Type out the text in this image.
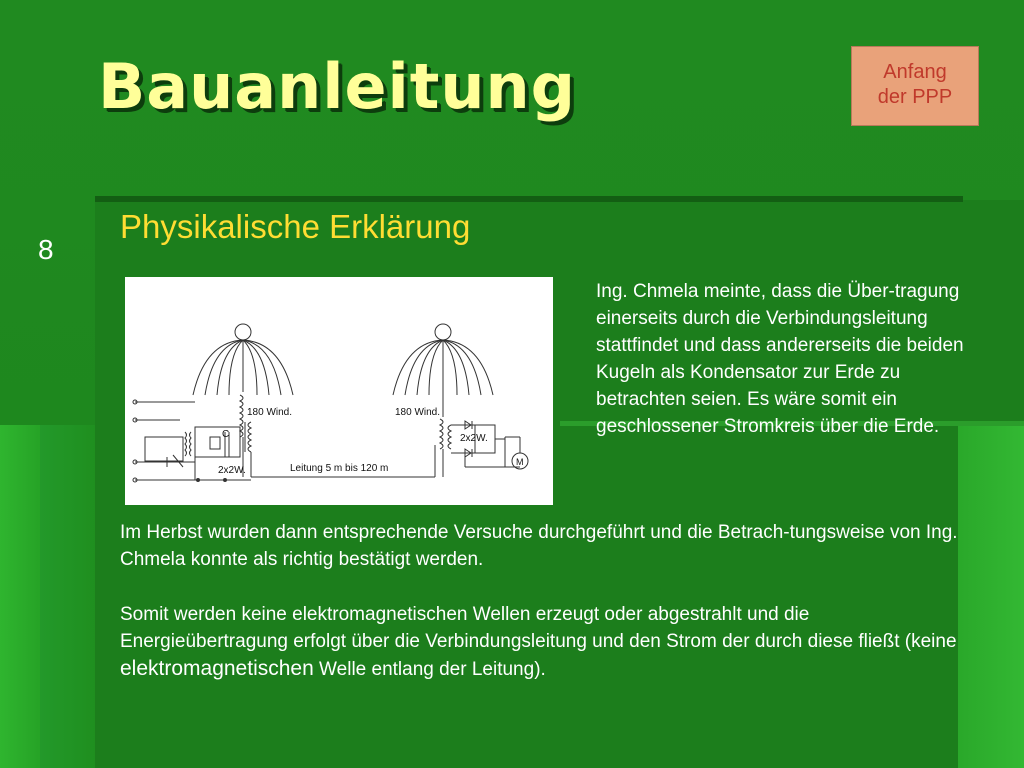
Bauanleitung	Anfang
der PPP
8
Physikalische Erklärung
180 Wind.	180 Wind.
2x2W.
2x2W.
Leitung 5 m bis 120 m
C
M

Ing. Chmela meinte, dass die Über-tragung einerseits durch die Verbindungsleitung stattfindet und dass andererseits die beiden Kugeln als Kondensator zur Erde zu betrachten seien. Es wäre somit ein geschlossener Stromkreis über die Erde.

Im Herbst wurden dann entsprechende Versuche durchgeführt und die Betrach-tungsweise von Ing. Chmela konnte als richtig bestätigt werden.

Somit werden keine elektromagnetischen Wellen erzeugt oder abgestrahlt und die Energieübertragung erfolgt über die Verbindungsleitung und den Strom der durch diese fließt (keine elektromagnetischen Welle entlang der Leitung).
